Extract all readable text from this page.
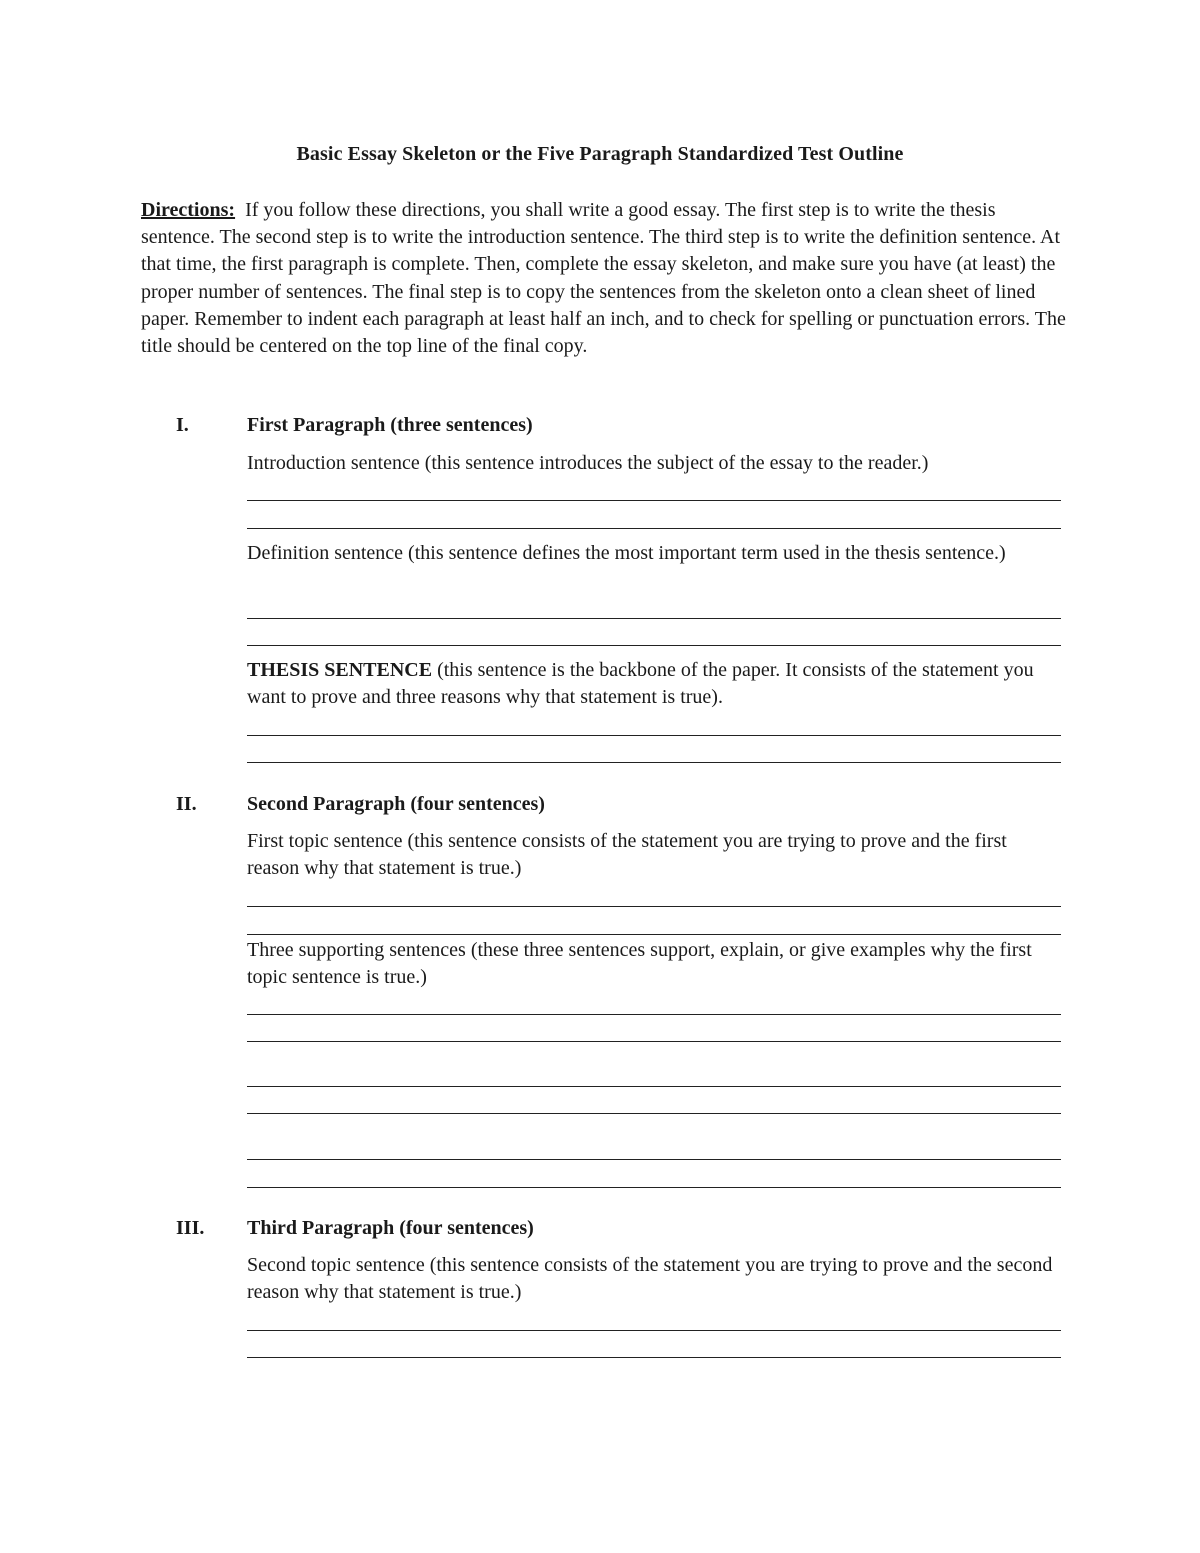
Basic Essay Skeleton or the Five Paragraph Standardized Test Outline
Directions: If you follow these directions, you shall write a good essay. The first step is to write the thesis sentence. The second step is to write the introduction sentence. The third step is to write the definition sentence. At that time, the first paragraph is complete. Then, complete the essay skeleton, and make sure you have (at least) the proper number of sentences. The final step is to copy the sentences from the skeleton onto a clean sheet of lined paper. Remember to indent each paragraph at least half an inch, and to check for spelling or punctuation errors. The title should be centered on the top line of the final copy.
I.	First Paragraph (three sentences)
Introduction sentence (this sentence introduces the subject of the essay to the reader.)
Definition sentence (this sentence defines the most important term used in the thesis sentence.)
THESIS SENTENCE (this sentence is the backbone of the paper. It consists of the statement you want to prove and three reasons why that statement is true).
II.	Second Paragraph (four sentences)
First topic sentence (this sentence consists of the statement you are trying to prove and the first reason why that statement is true.)
Three supporting sentences (these three sentences support, explain, or give examples why the first topic sentence is true.)
III. Third Paragraph (four sentences)
Second topic sentence (this sentence consists of the statement you are trying to prove and the second reason why that statement is true.)
